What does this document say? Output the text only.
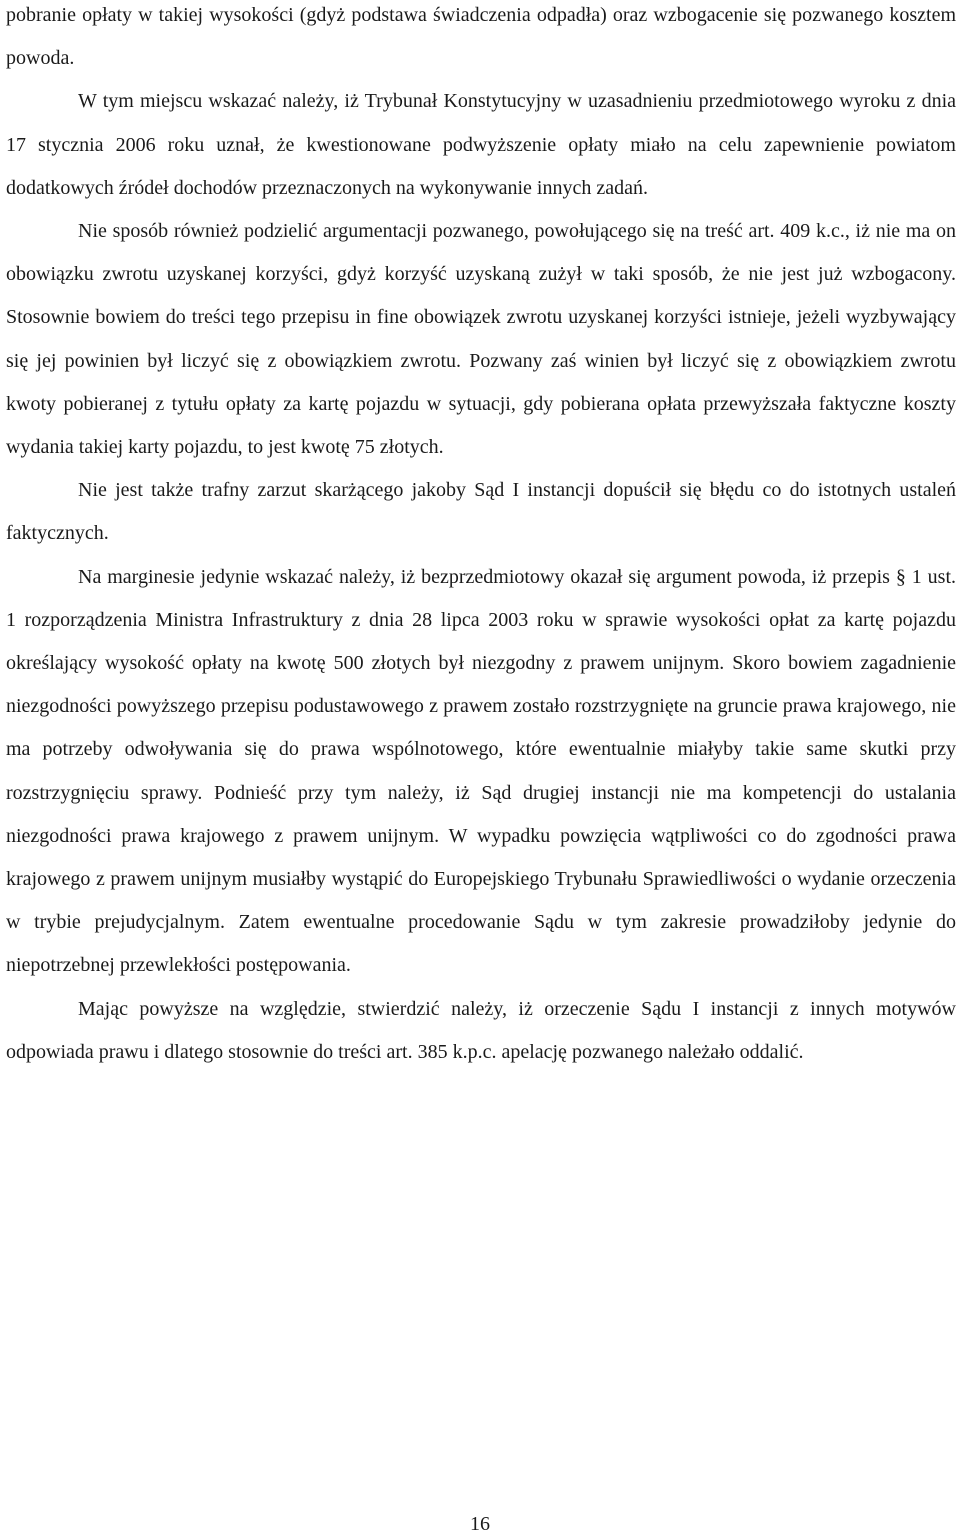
pobranie opłaty w takiej wysokości (gdyż podstawa świadczenia odpadła) oraz wzbogacenie się pozwanego kosztem powoda.

W tym miejscu wskazać należy, iż Trybunał Konstytucyjny w uzasadnieniu przedmiotowego wyroku z dnia 17 stycznia 2006 roku uznał, że kwestionowane podwyższenie opłaty miało na celu zapewnienie powiatom dodatkowych źródeł dochodów przeznaczonych na wykonywanie innych zadań.

Nie sposób również podzielić argumentacji pozwanego, powołującego się na treść art. 409 k.c., iż nie ma on obowiązku zwrotu uzyskanej korzyści, gdyż korzyść uzyskaną zużył w taki sposób, że nie jest już wzbogacony. Stosownie bowiem do treści tego przepisu in fine obowiązek zwrotu uzyskanej korzyści istnieje, jeżeli wyzbywający się jej powinien był liczyć się z obowiązkiem zwrotu. Pozwany zaś winien był liczyć się z obowiązkiem zwrotu kwoty pobieranej z tytułu opłaty za kartę pojazdu w sytuacji, gdy pobierana opłata przewyższała faktyczne koszty wydania takiej karty pojazdu, to jest kwotę 75 złotych.

Nie jest także trafny zarzut skarżącego jakoby Sąd I instancji dopuścił się błędu co do istotnych ustaleń faktycznych.

Na marginesie jedynie wskazać należy, iż bezprzedmiotowy okazał się argument powoda, iż przepis § 1 ust. 1 rozporządzenia Ministra Infrastruktury z dnia 28 lipca 2003 roku w sprawie wysokości opłat za kartę pojazdu określający wysokość opłaty na kwotę 500 złotych był niezgodny z prawem unijnym. Skoro bowiem zagadnienie niezgodności powyższego przepisu podustawowego z prawem zostało rozstrzygnięte na gruncie prawa krajowego, nie ma potrzeby odwoływania się do prawa wspólnotowego, które ewentualnie miałyby takie same skutki przy rozstrzygnięciu sprawy. Podnieść przy tym należy, iż Sąd drugiej instancji nie ma kompetencji do ustalania niezgodności prawa krajowego z prawem unijnym. W wypadku powzięcia wątpliwości co do zgodności prawa krajowego z prawem unijnym musiałby wystąpić do Europejskiego Trybunału Sprawiedliwości o wydanie orzeczenia w trybie prejudycjalnym. Zatem ewentualne procedowanie Sądu w tym zakresie prowadziłoby jedynie do niepotrzebnej przewlekłości postępowania.

Mając powyższe na względzie, stwierdzić należy, iż orzeczenie Sądu I instancji z innych motywów odpowiada prawu i dlatego stosownie do treści art. 385 k.p.c. apelację pozwanego należało oddalić.

16
